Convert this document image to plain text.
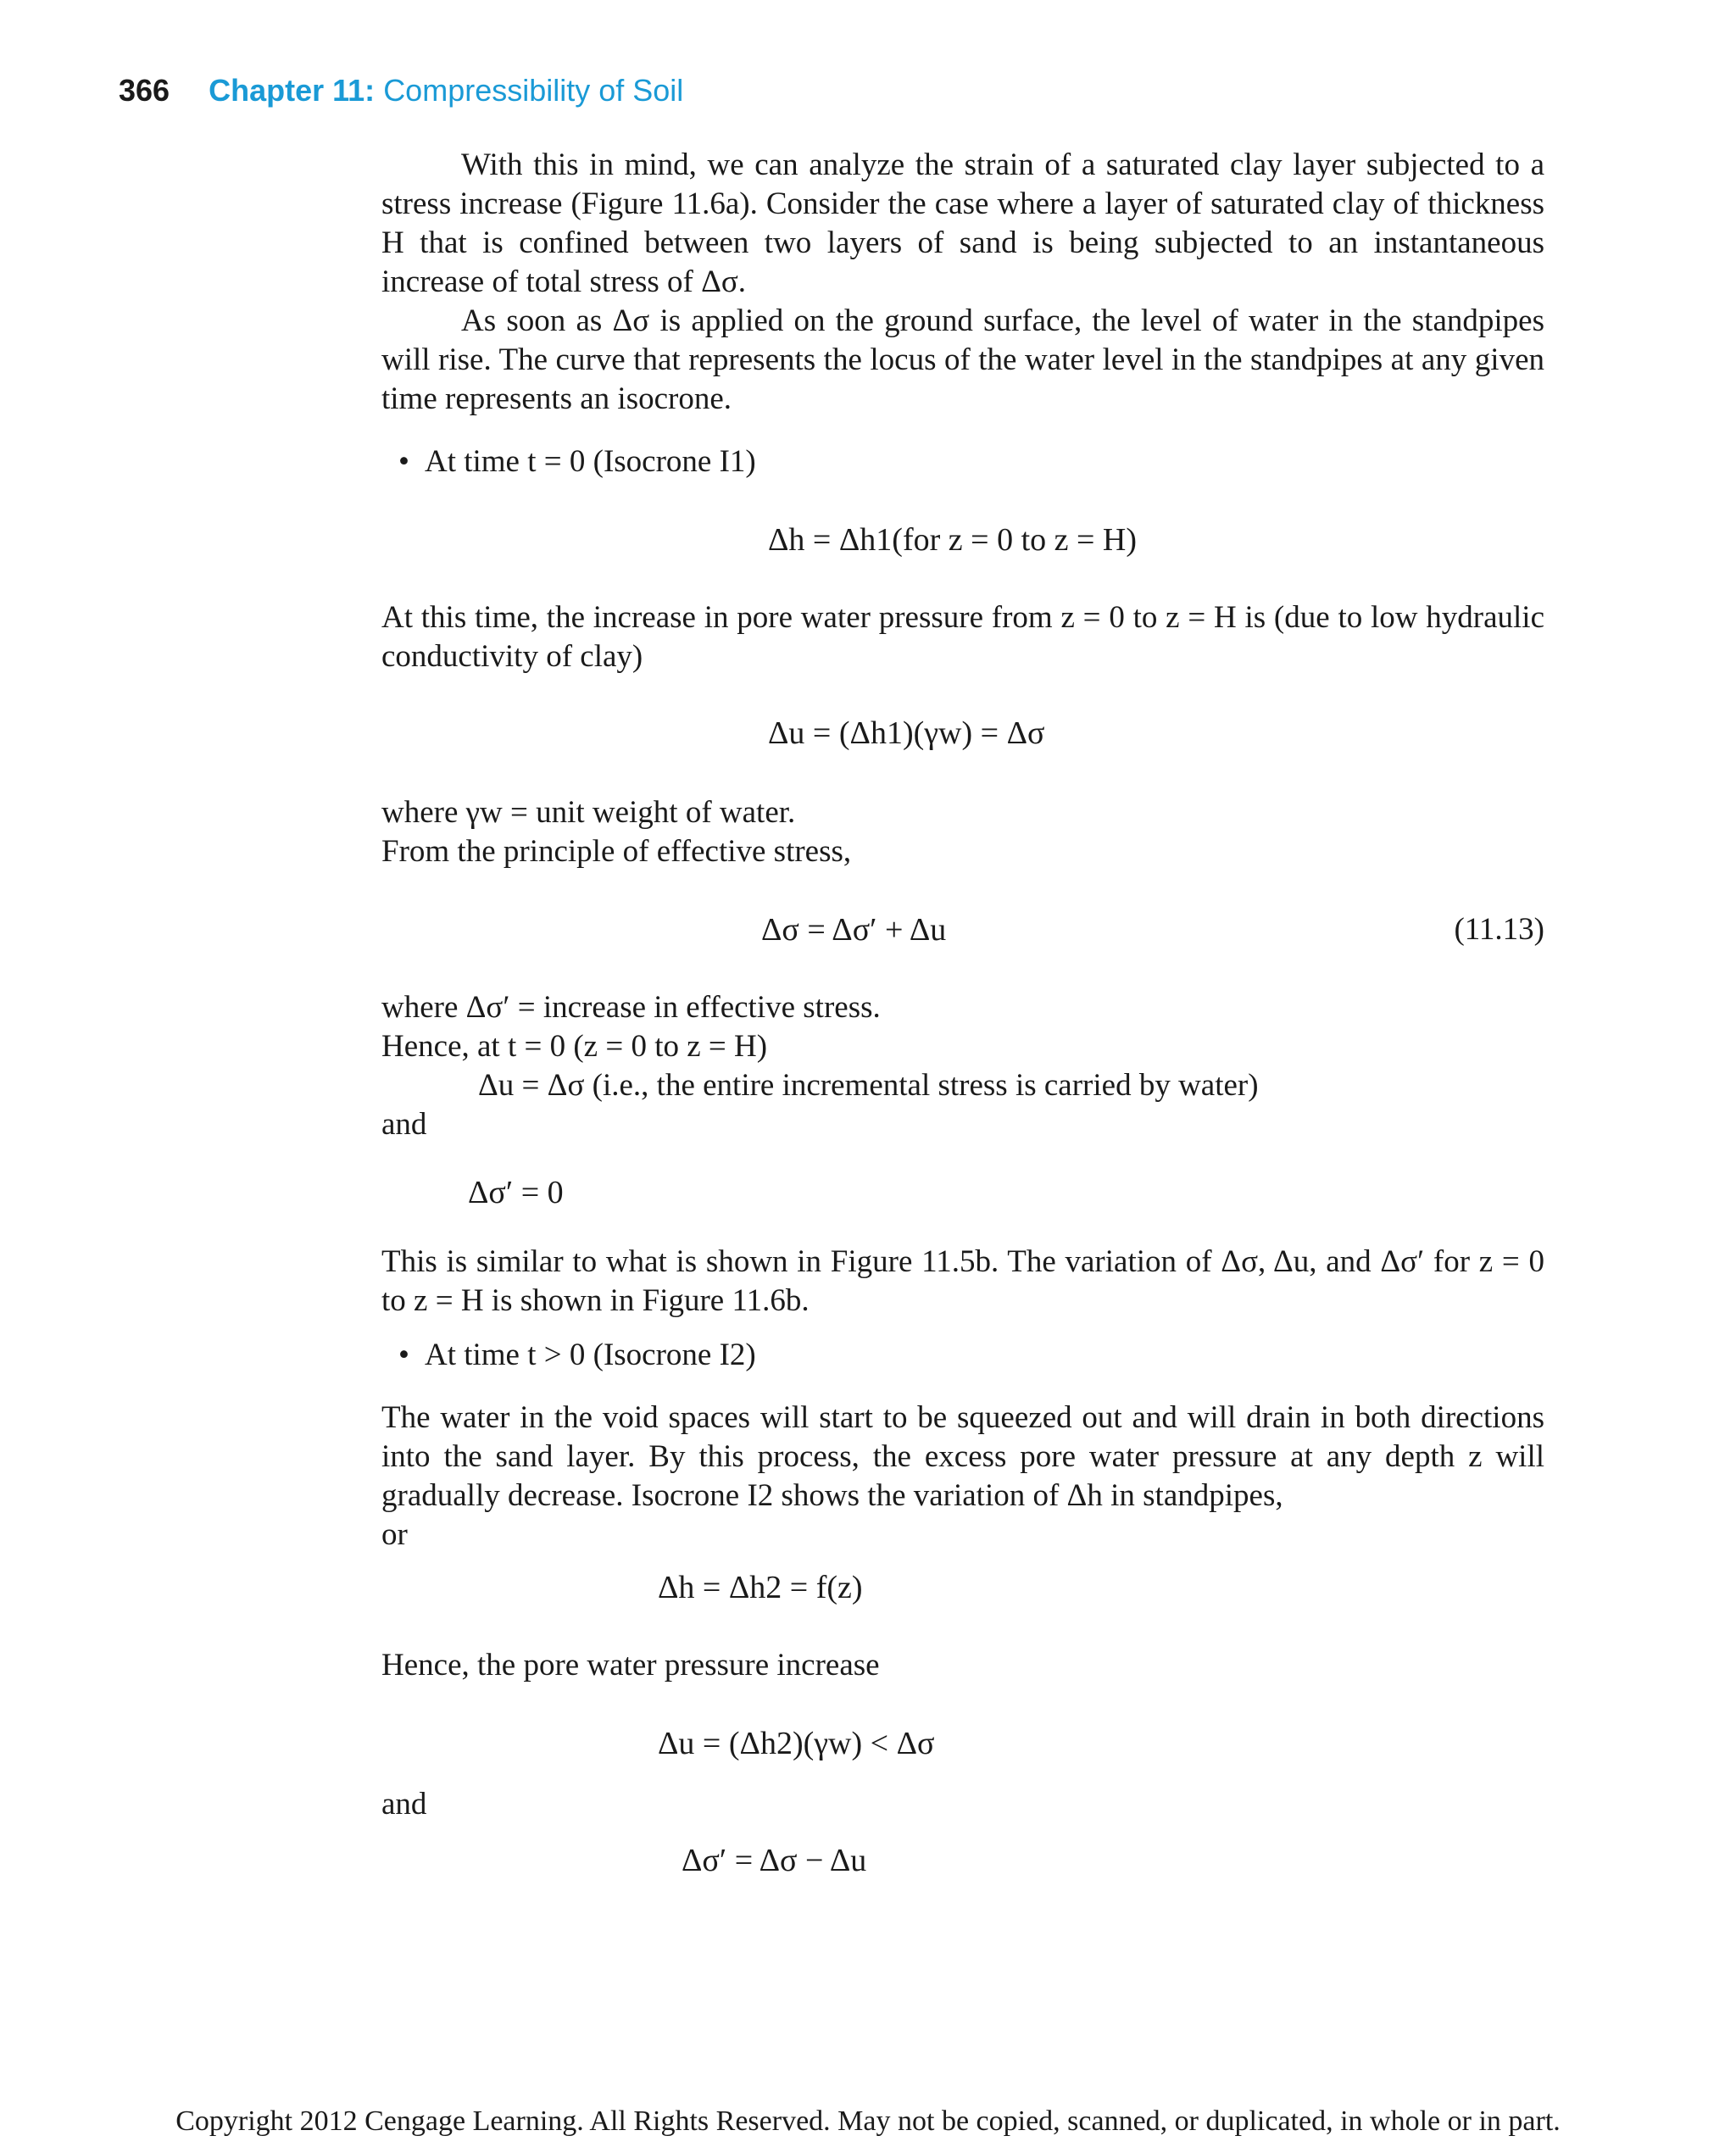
366 Chapter 11: Compressibility of Soil
With this in mind, we can analyze the strain of a saturated clay layer subjected to a stress increase (Figure 11.6a). Consider the case where a layer of saturated clay of thickness H that is confined between two layers of sand is being subjected to an instantaneous increase of total stress of Δσ.
As soon as Δσ is applied on the ground surface, the level of water in the standpipes will rise. The curve that represents the locus of the water level in the standpipes at any given time represents an isocrone.
• At time t = 0 (Isocrone I1)
Δh = Δh1(for z = 0 to z = H)
At this time, the increase in pore water pressure from z = 0 to z = H is (due to low hydraulic conductivity of clay)
Δu = (Δh1)(γw) = Δσ
where γw = unit weight of water.
From the principle of effective stress,
Δσ = Δσ′ + Δu	(11.13)
where Δσ′ = increase in effective stress.
Hence, at t = 0 (z = 0 to z = H)
Δu = Δσ (i.e., the entire incremental stress is carried by water)
and
Δσ′ = 0
This is similar to what is shown in Figure 11.5b. The variation of Δσ, Δu, and Δσ′ for z = 0 to z = H is shown in Figure 11.6b.
• At time t > 0 (Isocrone I2)
The water in the void spaces will start to be squeezed out and will drain in both directions into the sand layer. By this process, the excess pore water pressure at any depth z will gradually decrease. Isocrone I2 shows the variation of Δh in standpipes,
or
Δh = Δh2 = f(z)
Hence, the pore water pressure increase
Δu = (Δh2)(γw) < Δσ
and
Δσ′ = Δσ − Δu
Copyright 2012 Cengage Learning. All Rights Reserved. May not be copied, scanned, or duplicated, in whole or in part.
